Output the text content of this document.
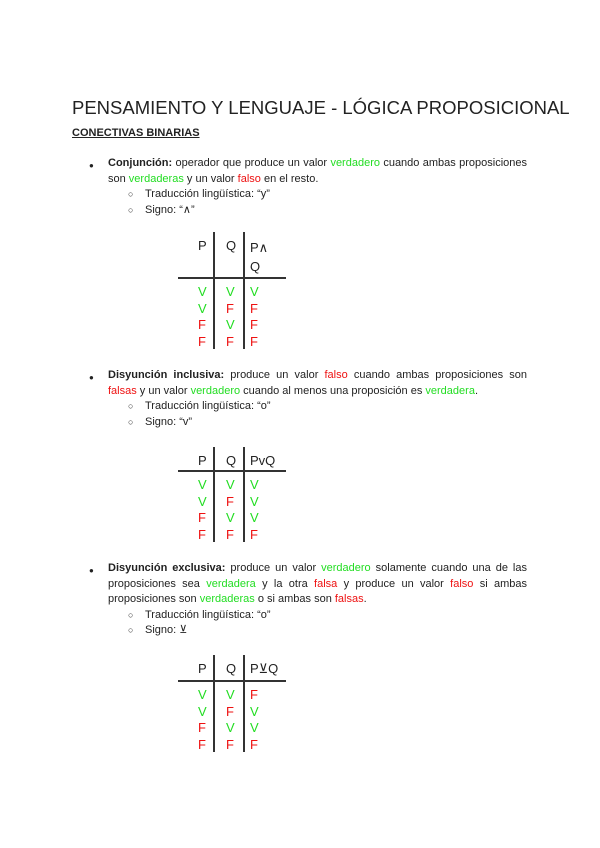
PENSAMIENTO Y LENGUAJE - LÓGICA PROPOSICIONAL
CONECTIVAS BINARIAS
● Conjunción: operador que produce un valor verdadero cuando ambas proposiciones son verdaderas y un valor falso en el resto.
○ Traducción lingüística: “y”
○ Signo: “∧”
● Disyunción inclusiva: produce un valor falso cuando ambas proposiciones son falsas y un valor verdadero cuando al menos una proposición es verdadera.
○ Traducción lingüística: “o”
○ Signo: “v”
● Disyunción exclusiva: produce un valor verdadero solamente cuando una de las proposiciones sea verdadera y la otra falsa y produce un valor falso si ambas proposiciones son verdaderas o si ambas son falsas.
○ Traducción lingüística: “o”
○ Signo: ⊻
P Q P∧ Q
V V V
V F F
F V F
F F F
P Q PvQ
V V V
V F V
F V V
F F F
P Q P⊻Q
V V F
V F V
F V V
F F F
